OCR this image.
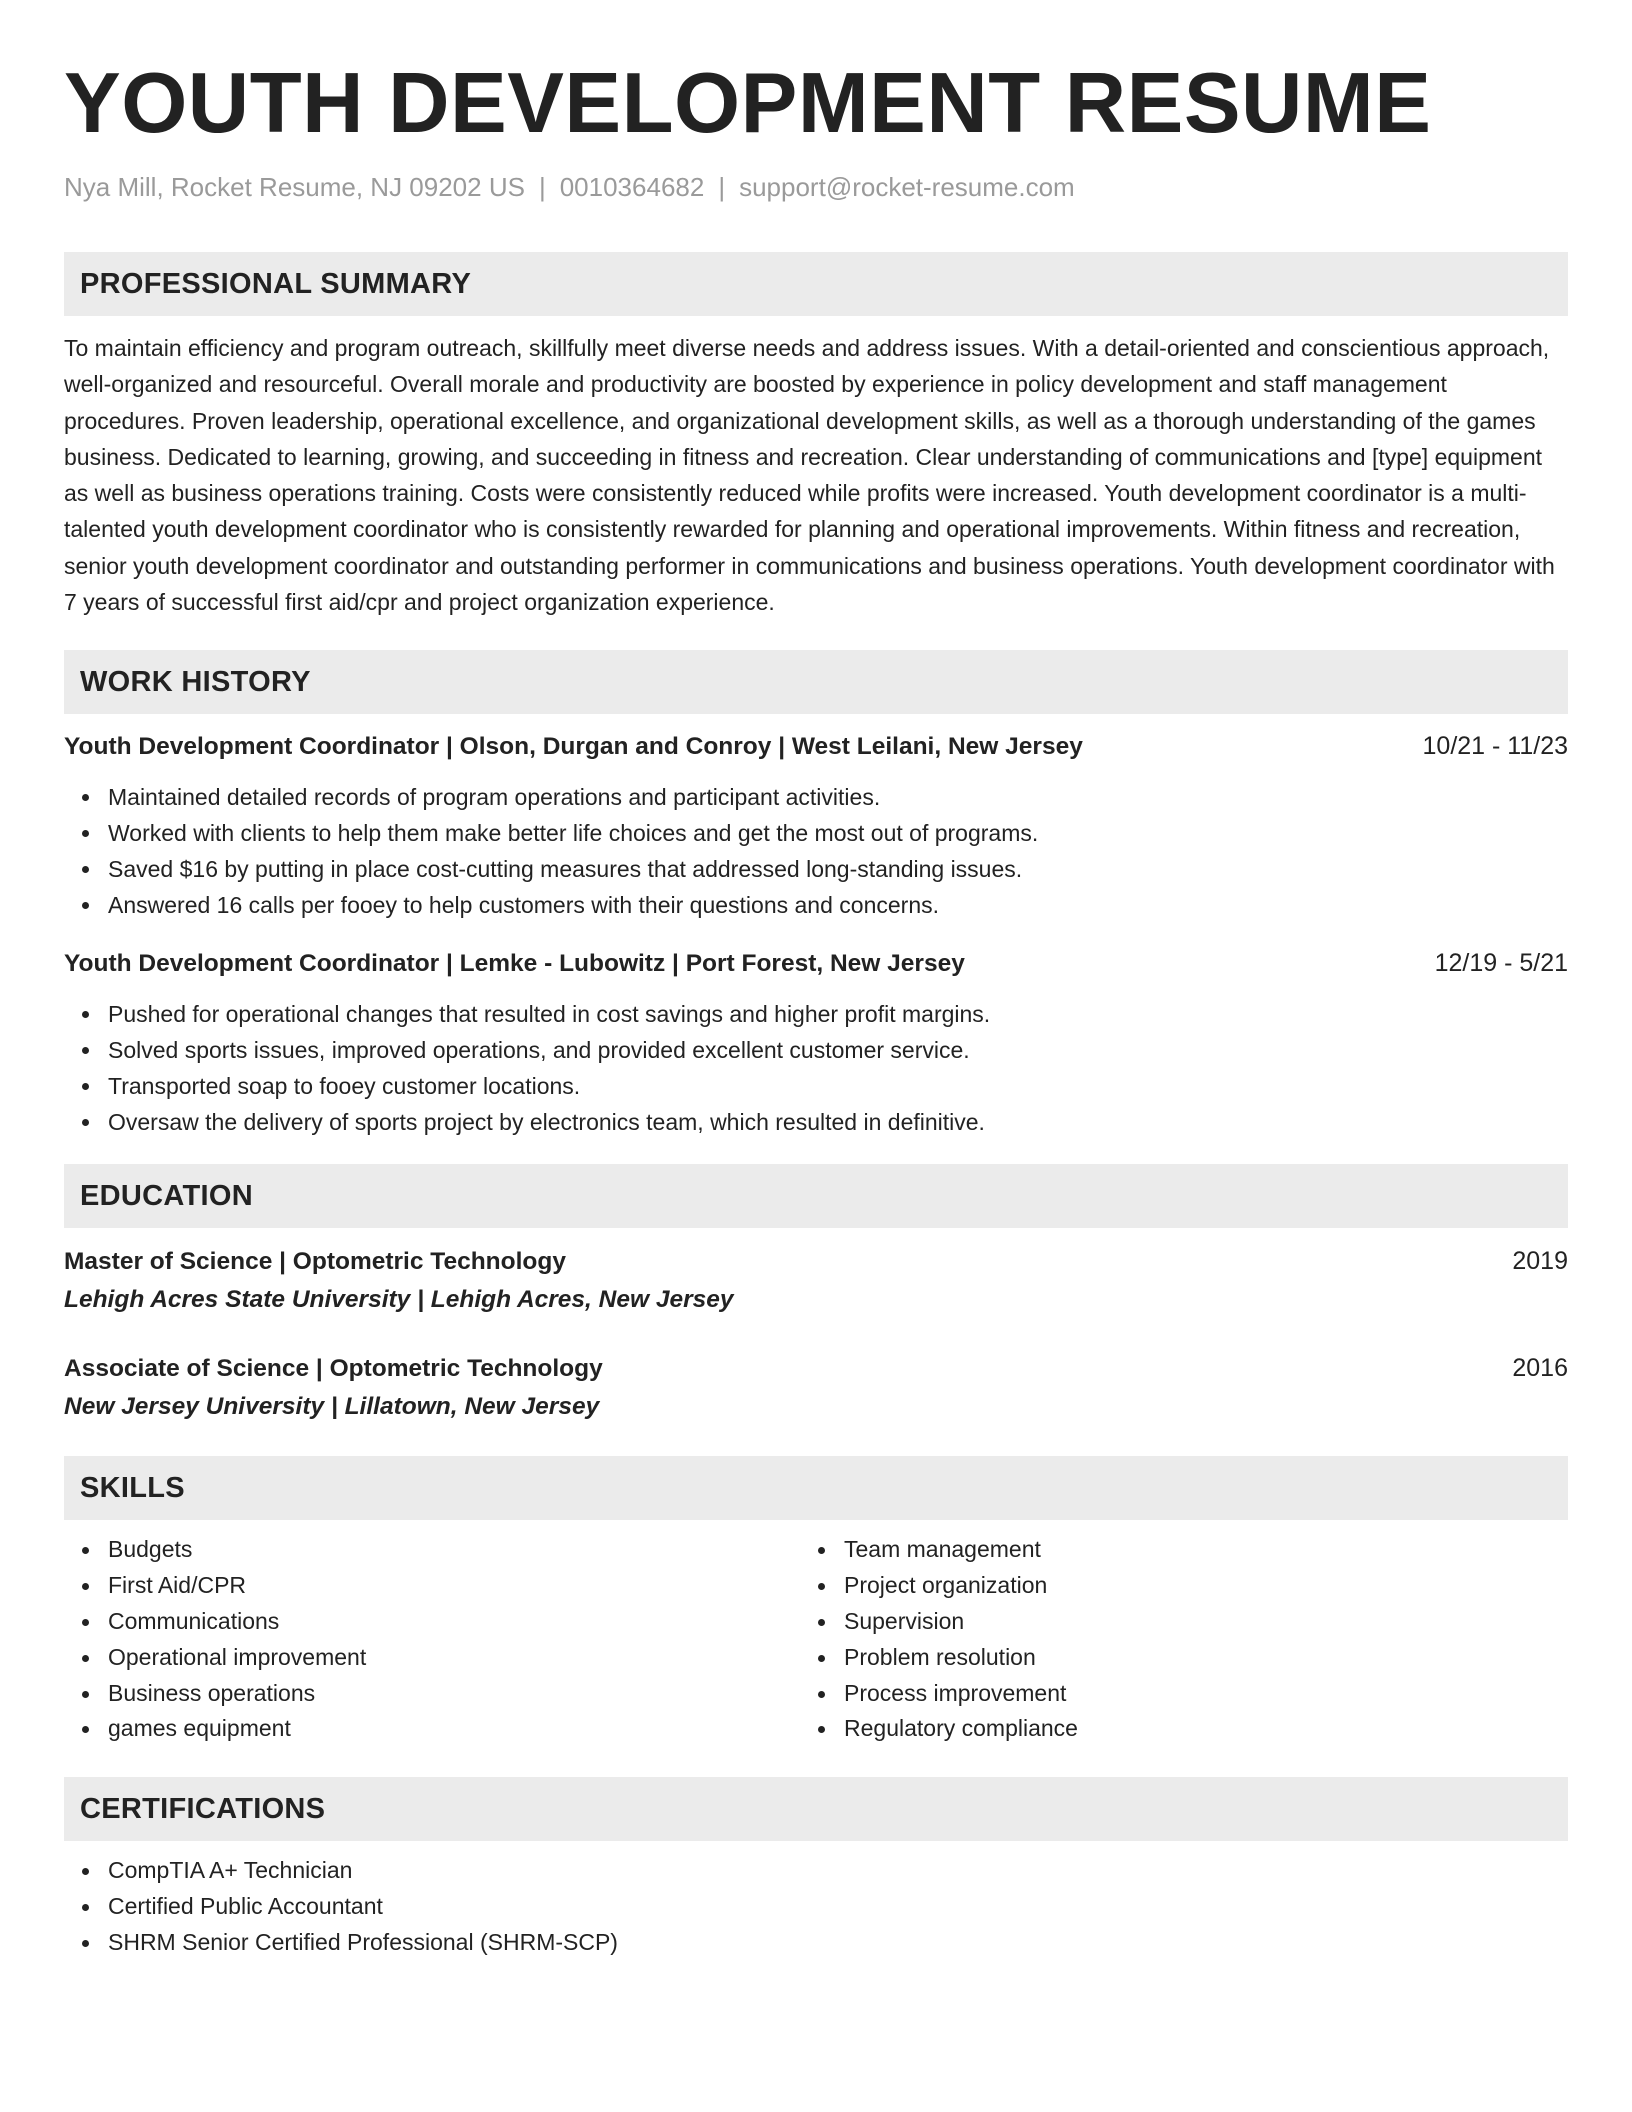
YOUTH DEVELOPMENT RESUME
Nya Mill, Rocket Resume, NJ 09202 US | 0010364682 | support@rocket-resume.com
PROFESSIONAL SUMMARY
To maintain efficiency and program outreach, skillfully meet diverse needs and address issues. With a detail-oriented and conscientious approach, well-organized and resourceful. Overall morale and productivity are boosted by experience in policy development and staff management procedures. Proven leadership, operational excellence, and organizational development skills, as well as a thorough understanding of the games business. Dedicated to learning, growing, and succeeding in fitness and recreation. Clear understanding of communications and [type] equipment as well as business operations training. Costs were consistently reduced while profits were increased. Youth development coordinator is a multi-talented youth development coordinator who is consistently rewarded for planning and operational improvements. Within fitness and recreation, senior youth development coordinator and outstanding performer in communications and business operations. Youth development coordinator with 7 years of successful first aid/cpr and project organization experience.
WORK HISTORY
Youth Development Coordinator | Olson, Durgan and Conroy | West Leilani, New Jersey	10/21 - 11/23
Maintained detailed records of program operations and participant activities.
Worked with clients to help them make better life choices and get the most out of programs.
Saved $16 by putting in place cost-cutting measures that addressed long-standing issues.
Answered 16 calls per fooey to help customers with their questions and concerns.
Youth Development Coordinator | Lemke - Lubowitz | Port Forest, New Jersey	12/19 - 5/21
Pushed for operational changes that resulted in cost savings and higher profit margins.
Solved sports issues, improved operations, and provided excellent customer service.
Transported soap to fooey customer locations.
Oversaw the delivery of sports project by electronics team, which resulted in definitive.
EDUCATION
Master of Science | Optometric Technology	2019
Lehigh Acres State University | Lehigh Acres, New Jersey
Associate of Science | Optometric Technology	2016
New Jersey University | Lillatown, New Jersey
SKILLS
Budgets
First Aid/CPR
Communications
Operational improvement
Business operations
games equipment
Team management
Project organization
Supervision
Problem resolution
Process improvement
Regulatory compliance
CERTIFICATIONS
CompTIA A+ Technician
Certified Public Accountant
SHRM Senior Certified Professional (SHRM-SCP)
